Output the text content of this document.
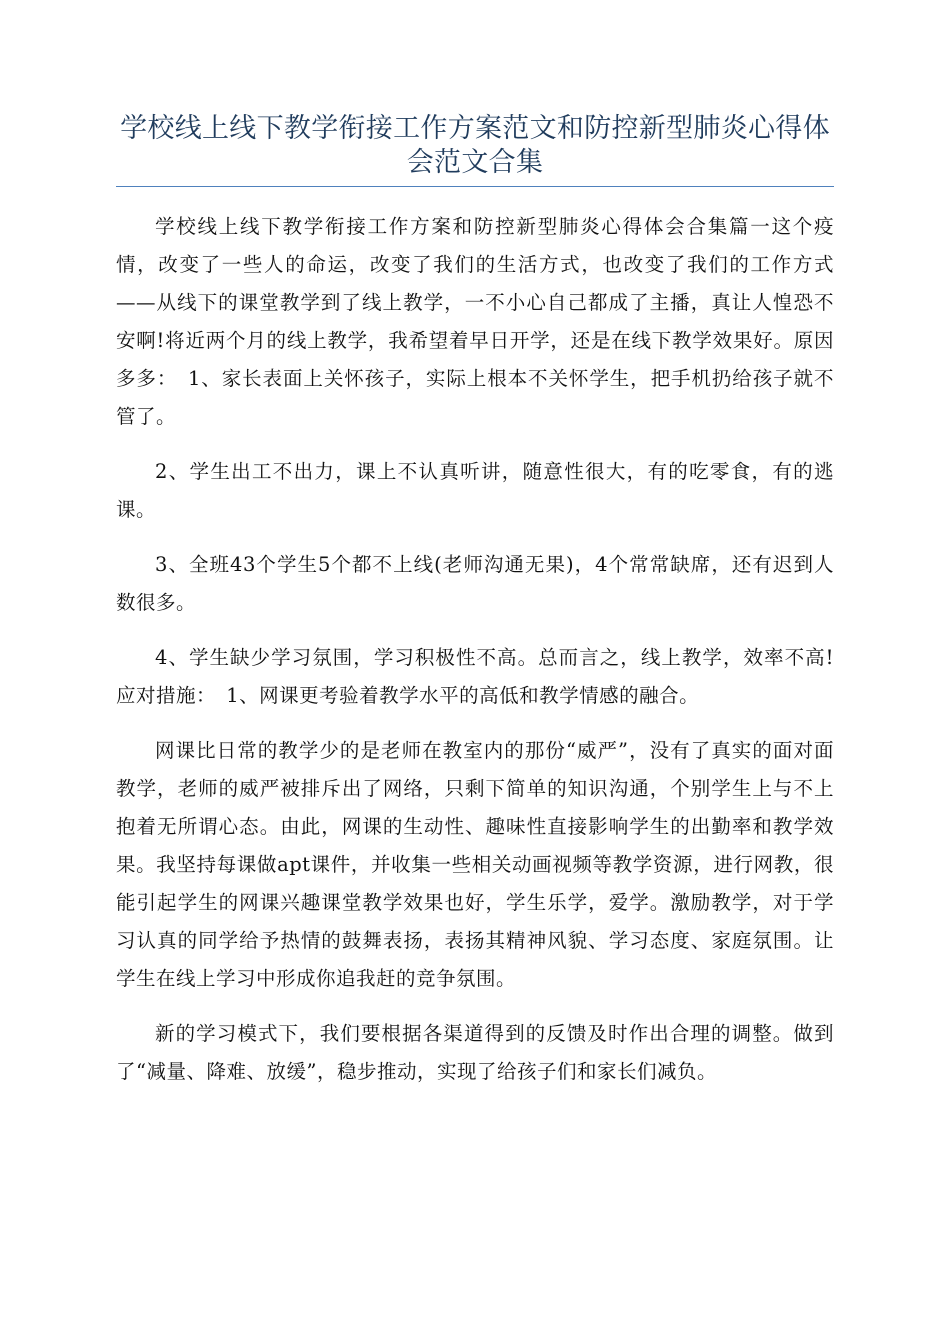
学校线上线下教学衔接工作方案范文和防控新型肺炎心得体会范文合集

学校线上线下教学衔接工作方案和防控新型肺炎心得体会合集篇一这个疫情，改变了一些人的命运，改变了我们的生活方式，也改变了我们的工作方式——从线下的课堂教学到了线上教学，一不小心自己都成了主播，真让人惶恐不安啊!将近两个月的线上教学，我希望着早日开学，还是在线下教学效果好。原因多多：　1、家长表面上关怀孩子，实际上根本不关怀学生，把手机扔给孩子就不管了。

2、学生出工不出力，课上不认真听讲，随意性很大，有的吃零食，有的逃课。

3、全班43个学生5个都不上线(老师沟通无果)，4个常常缺席，还有迟到人数很多。

4、学生缺少学习氛围，学习积极性不高。总而言之，线上教学，效率不高!应对措施：　1、网课更考验着教学水平的高低和教学情感的融合。

网课比日常的教学少的是老师在教室内的那份“威严”，没有了真实的面对面教学，老师的威严被排斥出了网络，只剩下简单的知识沟通，个别学生上与不上抱着无所谓心态。由此，网课的生动性、趣味性直接影响学生的出勤率和教学效果。我坚持每课做apt课件，并收集一些相关动画视频等教学资源，进行网教，很能引起学生的网课兴趣课堂教学效果也好，学生乐学，爱学。激励教学，对于学习认真的同学给予热情的鼓舞表扬，表扬其精神风貌、学习态度、家庭氛围。让学生在线上学习中形成你追我赶的竞争氛围。

新的学习模式下，我们要根据各渠道得到的反馈及时作出合理的调整。做到了“减量、降难、放缓”，稳步推动，实现了给孩子们和家长们减负。
